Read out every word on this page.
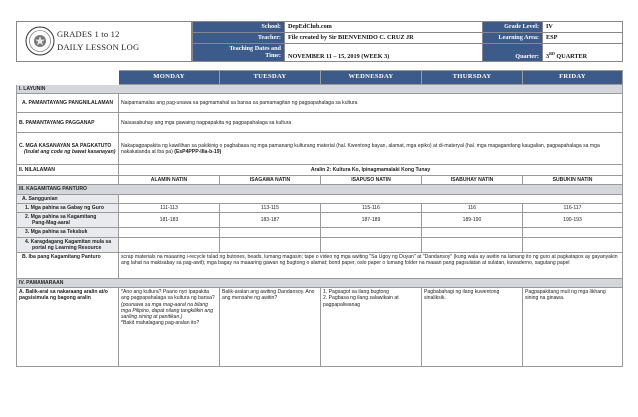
GRADES 1 to 12
DAILY LESSON LOG
School:	DepEdClub.com	Grade Level:	IV
Teacher:	File created by Sir BIENVENIDO C. CRUZ JR	Learning Area:	ESP

Teaching Dates and
Time:	NOVEMBER 11 – 15, 2019 (WEEK 3)	Quarter:	3RD QUARTER
	MONDAY	TUESDAY	WEDNESDAY	THURSDAY	FRIDAY
I. LAYUNIN					
A. PAMANTAYANG PANGNILALAMAN	Naipamamalas ang pag-unawa sa pagmamahal sa bansa sa pamamagitan ng pagpapahalaga sa kultura				
B. PAMANTAYANG PAGGANAP	Naisasabuhay ang mga gawaing nagpapakita ng pagpapahalaga sa kultura				

C. MGA KASANAYAN SA PAGKATUTO
(Isulat ang code ng bawat kasanayan)	Nakapagpapakita ng kawilihan sa pakikinig o pagbabasa ng mga pamanang kulturang material (hal. Kwentong bayan, alamat, mga epiko) at di-materyal (hal. mga magagandang kaugalian, pagpapahalaga sa mga nakakatanda at iba pa) (EsP4PPP-IIIa-b-19)				
II. NILALAMAN	Aralin 2: Kultura Ko, Ipinagmamalaki Kong Tunay				
	ALAMIN NATIN	ISAGAWA NATIN	ISAPUSO NATIN	ISABUHAY NATIN	SUBUKIN NATIN
III. KAGAMITANG PANTURO					
A. Sanggunian					
1. Mga pahina sa Gabay ng Guro	111-113	113-115	115-116	116	116-117

2. Mga pahina sa Kagamitang
Pang-Mag-aaral	181-183	183-187	187-189	189-190	190-193
3. Mga pahina sa Teksbuk					

4. Karagdagang Kagamitan mula sa
portal ng Learning Resource					

B. Iba pang Kagamitang Panturo	scrap materials na maaaring i-recycle tulad ng butones, beads, lumang magasin; tape o video ng mga awiting "Sa Ugoy ng Duyan" at "Dandansoy" (kung wala ay awitin na lamang ito ng guro at pagkatapos ay gayanyakin ang lahat na makisabay sa pag-awit); mga bagay na maaaring gawan ng bugtong o alamat; bond paper, oslo paper o lumang folder na maaari pang pagsulatan at sulatan, kuwaderno, sagutang papel				
IV. PAMAMARAAN					
A. Balik-aral sa nakaraang aralin at/o pagsisimula ng bagong aralin	*Ano ang kultura? Paano nyo ipapakita ang pagpapahalaga sa kultura ng bansa? (pounawa sa mga mag-aaral na bilang mga Pilipino, dapat nilang tangkilikin ang sariling sining at panitikan.)
*Bakit mahalagang pag-aralan ito?	Balik-aralan ang awiting Dandansoy. Ano ang mensahe ng awitin?	1. Pagsagot sa ilang bugtong
2. Pagbasa ng ilang salawikain at pagpapaliwanag	Pagbabahagi ng ilang kuwentong sinaliksik.	Pagpapakitang muli ng mga likhang sining na ginawa.
